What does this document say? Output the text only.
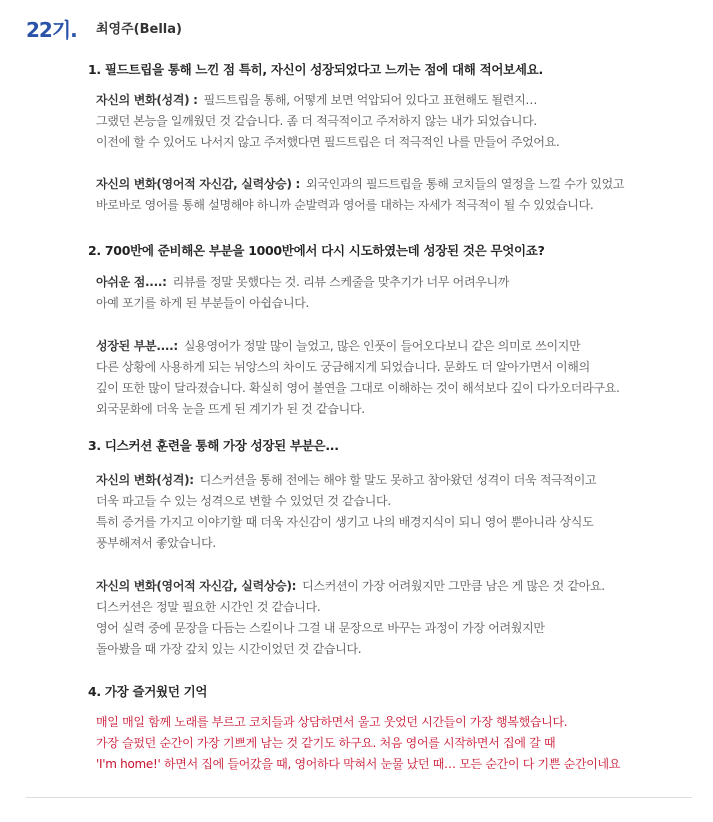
22기. 최영주(Bella)
1. 필드트립을 통해 느낀 점 특히, 자신이 성장되었다고 느끼는 점에 대해 적어보세요.
자신의 변화(성격) : 필드트립을 통해, 어떻게 보면 억압되어 있다고 표현해도 될련지…
그랬던 본능을 일깨웠던 것 같습니다. 좀 더 적극적이고 주저하지 않는 내가 되었습니다.
이전에 할 수 있어도 나서지 않고 주저했다면 필드트립은 더 적극적인 나를 만들어 주었어요.
자신의 변화(영어적 자신감, 실력상승) : 외국인과의 필드트립을 통해 코치들의 열정을 느낄 수가 있었고
바로바로 영어를 통해 설명해야 하니까 순발력과 영어를 대하는 자세가 적극적이 될 수 있었습니다.
2. 700반에 준비해온 부분을 1000반에서 다시 시도하였는데 성장된 것은 무엇이죠?
아쉬운 점....: 리뷰를 정말 못했다는 것. 리뷰 스케줄을 맞추기가 너무 어려우니까
아예 포기를 하게 된 부분들이 아쉽습니다.
성장된 부분....: 실용영어가 정말 많이 늘었고, 많은 인풋이 들어오다보니 같은 의미로 쓰이지만
다른 상황에 사용하게 되는 뉘앙스의 차이도 궁금해지게 되었습니다. 문화도 더 알아가면서 이해의
깊이 또한 많이 달라졌습니다. 확실히 영어 볼연을 그대로 이해하는 것이 해석보다 깊이 다가오더라구요.
외국문화에 더욱 눈을 뜨게 된 계기가 된 것 같습니다.
3. 디스커션 훈련을 통해 가장 성장된 부분은...
자신의 변화(성격): 디스커션을 통해 전에는 해야 할 말도 못하고 참아왔던 성격이 더욱 적극적이고
더욱 파고들 수 있는 성격으로 변할 수 있었던 것 같습니다.
특히 증거를 가지고 이야기할 때 더욱 자신감이 생기고 나의 배경지식이 되니 영어 뿐아니라 상식도
풍부해져서 좋았습니다.
자신의 변화(영어적 자신감, 실력상승): 디스커션이 가장 어려웠지만 그만큼 남은 게 많은 것 같아요.
디스커션은 정말 필요한 시간인 것 같습니다.
영어 실력 중에 문장을 다듬는 스킬이나 그걸 내 문장으로 바꾸는 과정이 가장 어려웠지만
돌아봤을 때 가장 갚치 있는 시간이었던 것 같습니다.
4. 가장 즐거웠던 기억
매일 매일 함께 노래를 부르고 코치들과 상담하면서 울고 웃었던 시간들이 가장 행복했습니다.
가장 슬펐던 순간이 가장 기쁘게 남는 것 같기도 하구요. 처음 영어를 시작하면서 집에 갈 때
'I'm home!' 하면서 집에 들어갔을 때, 영어하다 막혀서 눈물 났던 때… 모든 순간이 다 기쁜 순간이네요
